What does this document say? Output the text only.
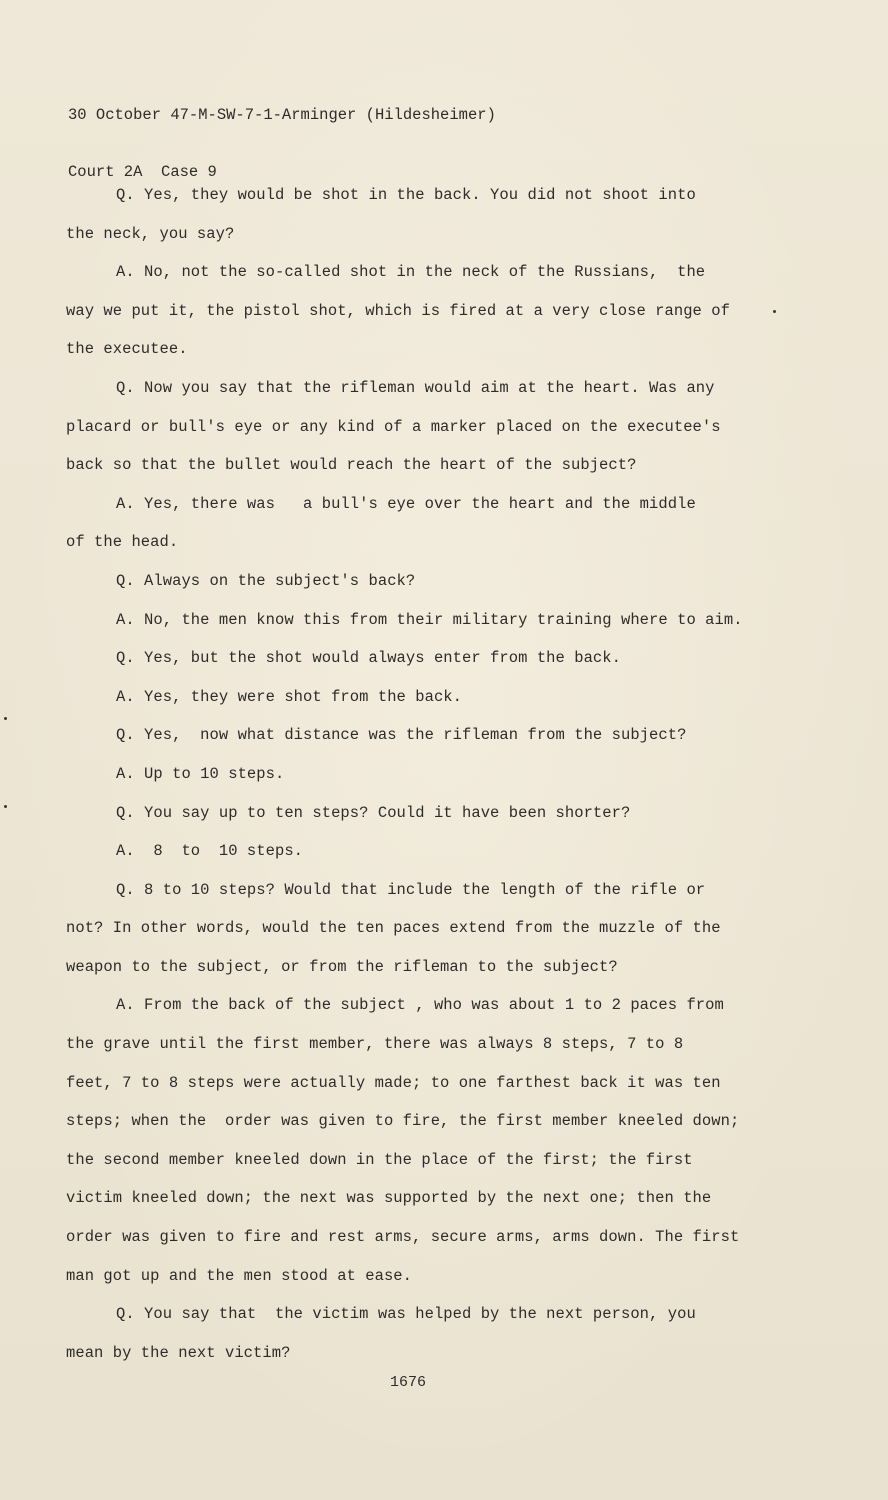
30 October 47-M-SW-7-1-Arminger (Hildesheimer)

Court 2A  Case 9

Q. Yes, they would be shot in the back. You did not shoot into
the neck, you say?
A. No, not the so-called shot in the neck of the Russians,  the
way we put it, the pistol shot, which is fired at a very close range of
the executee.
Q. Now you say that the rifleman would aim at the heart. Was any
placard or bull's eye or any kind of a marker placed on the executee's
back so that the bullet would reach the heart of the subject?
A. Yes, there was   a bull's eye over the heart and the middle
of the head.
Q. Always on the subject's back?
A. No, the men know this from their military training where to aim.
Q. Yes, but the shot would always enter from the back.
A. Yes, they were shot from the back.
Q. Yes,  now what distance was the rifleman from the subject?
A. Up to 10 steps.
Q. You say up to ten steps? Could it have been shorter?
A.  8  to  10 steps.
Q. 8 to 10 steps? Would that include the length of the rifle or
not? In other words, would the ten paces extend from the muzzle of the
weapon to the subject, or from the rifleman to the subject?
A. From the back of the subject , who was about 1 to 2 paces from
the grave until the first member, there was always 8 steps, 7 to 8
feet, 7 to 8 steps were actually made; to one farthest back it was ten
steps; when the  order was given to fire, the first member kneeled down;
the second member kneeled down in the place of the first; the first
victim kneeled down; the next was supported by the next one; then the
order was given to fire and rest arms, secure arms, arms down. The first
man got up and the men stood at ease.
Q. You say that  the victim was helped by the next person, you
mean by the next victim?
1676
